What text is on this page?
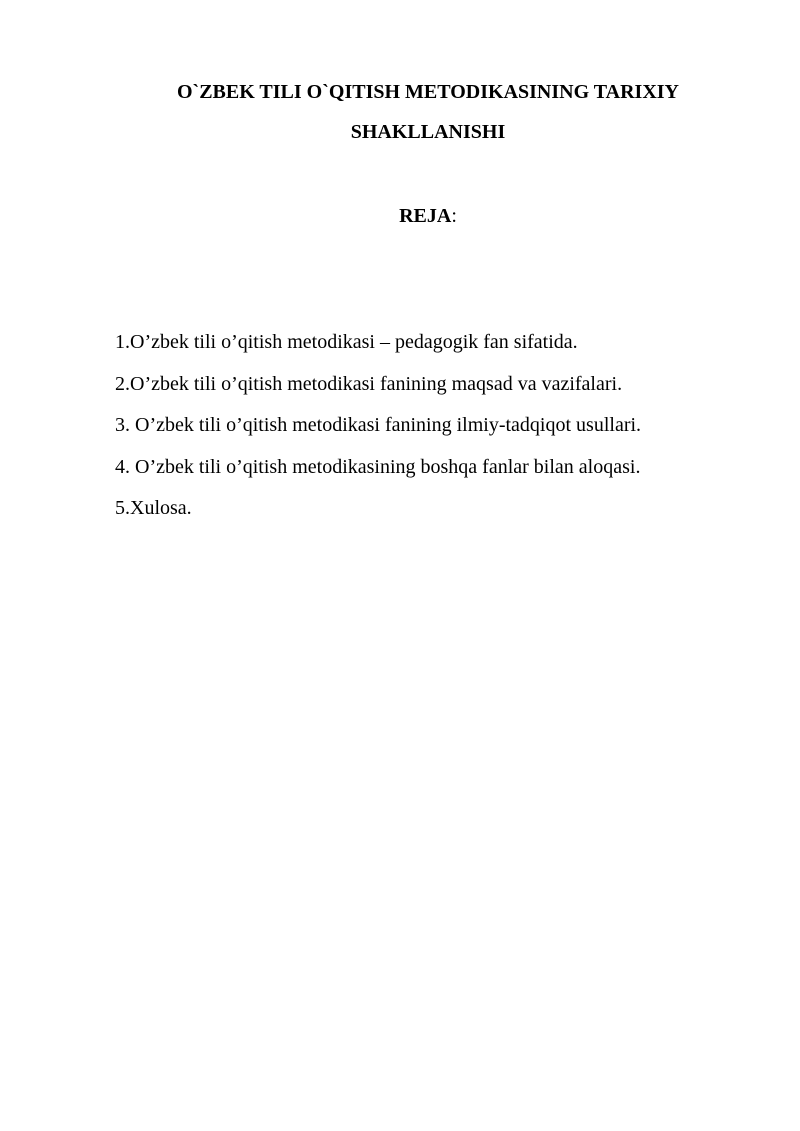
O`ZBEK TILI O`QITISH METODIKASINING TARIXIY
SHAKLLANISHI

REJA:

1.O’zbek tili o’qitish metodikasi – pedagogik fan sifatida.
2.O’zbek tili o’qitish metodikasi fanining maqsad va vazifalari.
3. O’zbek tili o’qitish metodikasi fanining ilmiy-tadqiqot usullari.
4. O’zbek tili o’qitish metodikasining boshqa fanlar bilan aloqasi.
5.Xulosa.
